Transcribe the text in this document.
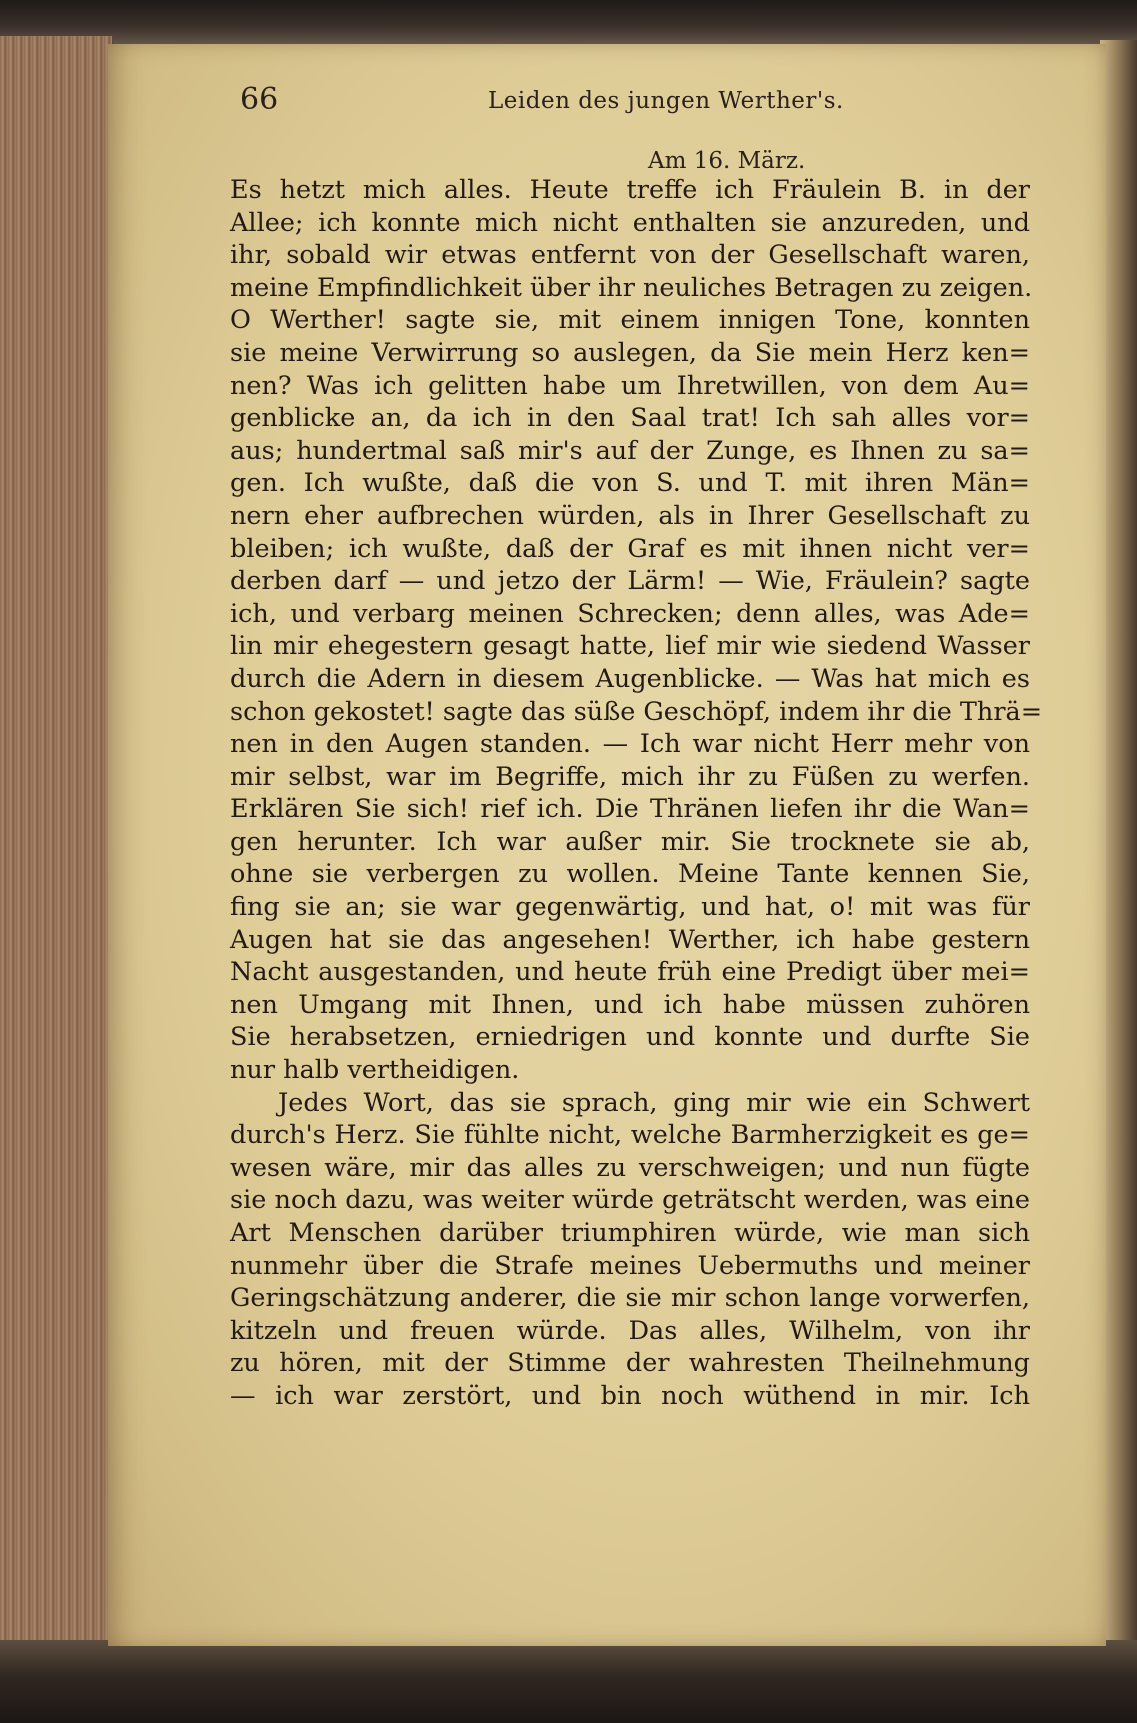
66	Leiden des jungen Werther's.
Am 16. März.
Es hetzt mich alles. Heute treffe ich Fräulein B. in der
Allee; ich konnte mich nicht enthalten sie anzureden, und
ihr, sobald wir etwas entfernt von der Gesellschaft waren,
meine Empfindlichkeit über ihr neuliches Betragen zu zeigen.
O Werther! sagte sie, mit einem innigen Tone, konnten
sie meine Verwirrung so auslegen, da Sie mein Herz ken=
nen? Was ich gelitten habe um Ihretwillen, von dem Au=
genblicke an, da ich in den Saal trat! Ich sah alles vor=
aus; hundertmal saß mir's auf der Zunge, es Ihnen zu sa=
gen. Ich wußte, daß die von S. und T. mit ihren Män=
nern eher aufbrechen würden, als in Ihrer Gesellschaft zu
bleiben; ich wußte, daß der Graf es mit ihnen nicht ver=
derben darf — und jetzo der Lärm! — Wie, Fräulein? sagte
ich, und verbarg meinen Schrecken; denn alles, was Ade=
lin mir ehegestern gesagt hatte, lief mir wie siedend Wasser
durch die Adern in diesem Augenblicke. — Was hat mich es
schon gekostet! sagte das süße Geschöpf, indem ihr die Thrä=
nen in den Augen standen. — Ich war nicht Herr mehr von
mir selbst, war im Begriffe, mich ihr zu Füßen zu werfen.
Erklären Sie sich! rief ich. Die Thränen liefen ihr die Wan=
gen herunter. Ich war außer mir. Sie trocknete sie ab,
ohne sie verbergen zu wollen. Meine Tante kennen Sie,
fing sie an; sie war gegenwärtig, und hat, o! mit was für
Augen hat sie das angesehen! Werther, ich habe gestern
Nacht ausgestanden, und heute früh eine Predigt über mei=
nen Umgang mit Ihnen, und ich habe müssen zuhören
Sie herabsetzen, erniedrigen und konnte und durfte Sie
nur halb vertheidigen.
Jedes Wort, das sie sprach, ging mir wie ein Schwert
durch's Herz. Sie fühlte nicht, welche Barmherzigkeit es ge=
wesen wäre, mir das alles zu verschweigen; und nun fügte
sie noch dazu, was weiter würde geträtscht werden, was eine
Art Menschen darüber triumphiren würde, wie man sich
nunmehr über die Strafe meines Uebermuths und meiner
Geringschätzung anderer, die sie mir schon lange vorwerfen,
kitzeln und freuen würde. Das alles, Wilhelm, von ihr
zu hören, mit der Stimme der wahresten Theilnehmung
— ich war zerstört, und bin noch wüthend in mir. Ich
